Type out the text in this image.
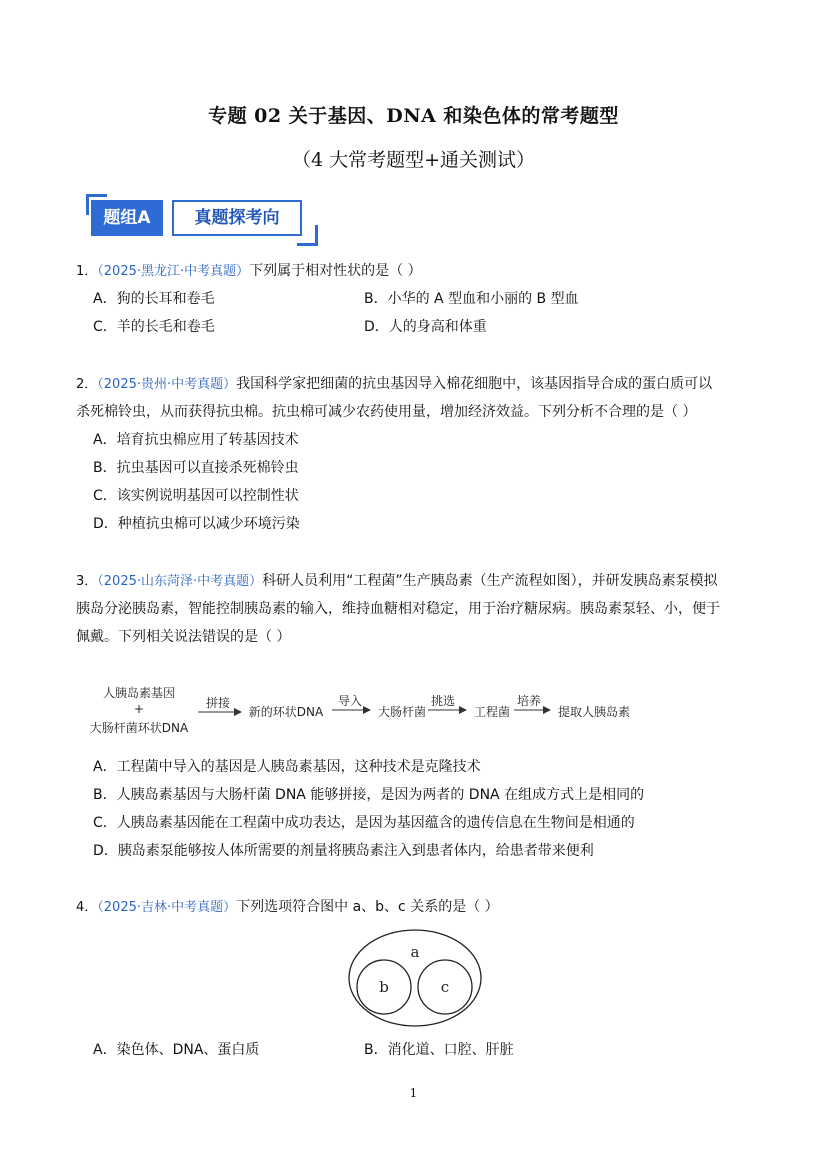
专题 02 关于基因、DNA 和染色体的常考题型
（4 大常考题型+通关测试）
题组A	真题探考向
1．（2025·黑龙江·中考真题）下列属于相对性状的是（ ）
A．狗的长耳和卷毛	B．小华的 A 型血和小丽的 B 型血
C．羊的长毛和卷毛	D．人的身高和体重
2．（2025·贵州·中考真题）我国科学家把细菌的抗虫基因导入棉花细胞中，该基因指导合成的蛋白质可以
杀死棉铃虫，从而获得抗虫棉。抗虫棉可减少农药使用量，增加经济效益。下列分析不合理的是（ ）
A．培育抗虫棉应用了转基因技术
B．抗虫基因可以直接杀死棉铃虫
C．该实例说明基因可以控制性状
D．种植抗虫棉可以减少环境污染
3．（2025·山东菏泽·中考真题）科研人员利用“工程菌”生产胰岛素（生产流程如图），并研发胰岛素泵模拟
胰岛分泌胰岛素，智能控制胰岛素的输入，维持血糖相对稳定，用于治疗糖尿病。胰岛素泵轻、小，便于
佩戴。下列相关说法错误的是（ ）
人胰岛素基因
+
大肠杆菌环状DNA
拼接
新的环状DNA
导入
大肠杆菌
挑选
工程菌
培养
提取人胰岛素
A．工程菌中导入的基因是人胰岛素基因，这种技术是克隆技术
B．人胰岛素基因与大肠杆菌 DNA 能够拼接，是因为两者的 DNA 在组成方式上是相同的
C．人胰岛素基因能在工程菌中成功表达，是因为基因蕴含的遗传信息在生物间是相通的
D．胰岛素泵能够按人体所需要的剂量将胰岛素注入到患者体内，给患者带来便利
4．（2025·吉林·中考真题）下列选项符合图中 a、b、c 关系的是（ ）
a
b	c
A．染色体、DNA、蛋白质	B．消化道、口腔、肝脏
1
